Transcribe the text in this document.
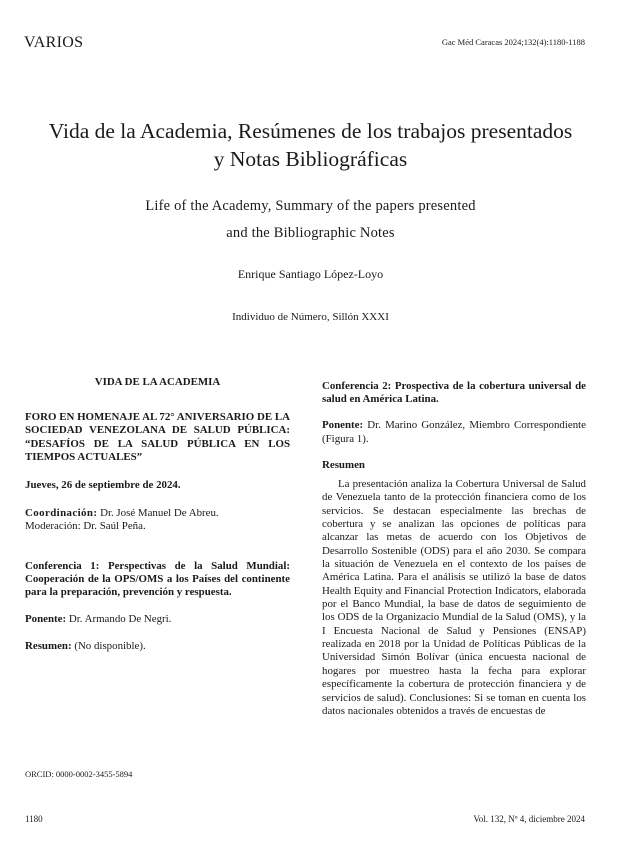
VARIOS	Gac Méd Caracas 2024;132(4):1180-1188
Vida de la Academia, Resúmenes de los trabajos presentados
y Notas Bibliográficas
Life of the Academy, Summary of the papers presented
and the Bibliographic Notes
Enrique Santiago López-Loyo
Individuo de Número, Sillón XXXI

VIDA DE LA ACADEMIA

FORO EN HOMENAJE AL 72° ANIVERSARIO DE LA SOCIEDAD VENEZOLANA DE SALUD PÚBLICA: “DESAFÍOS DE LA SALUD PÚBLICA EN LOS TIEMPOS ACTUALES”

Jueves, 26 de septiembre de 2024.

Coordinación: Dr. José Manuel De Abreu.

Moderación: Dr. Saúl Peña.

Conferencia 1: Perspectivas de la Salud Mundial: Cooperación de la OPS/OMS a los Países del continente para la preparación, prevención y respuesta.

Ponente: Dr. Armando De Negri.

Resumen: (No disponible).

ORCID: 0000-0002-3455-5894

Conferencia 2: Prospectiva de la cobertura universal de salud en América Latina.

Ponente: Dr. Marino González, Miembro Correspondiente (Figura 1).

Resumen

La presentación analiza la Cobertura Universal de Salud de Venezuela tanto de la protección financiera como de los servicios. Se destacan especialmente las brechas de cobertura y se analizan las opciones de políticas para alcanzar las metas de acuerdo con los Objetivos de Desarrollo Sostenible (ODS) para el año 2030. Se compara la situación de Venezuela en el contexto de los países de América Latina. Para el análisis se utilizó la base de datos Health Equity and Financial Protection Indicators, elaborada por el Banco Mundial, la base de datos de seguimiento de los ODS de la Organizacio Mundial de la Salud (OMS), y la I Encuesta Nacional de Salud y Pensiones (ENSAP) realizada en 2018 por la Unidad de Políticas Públicas de la Universidad Simón Bolívar (única encuesta nacional de hogares por muestreo hasta la fecha para explorar específicamente la cobertura de protección financiera y de servicios de salud). Conclusiones: Si se toman en cuenta los datos nacionales obtenidos a través de encuestas de

1180	Vol. 132, Nº 4, diciembre 2024
